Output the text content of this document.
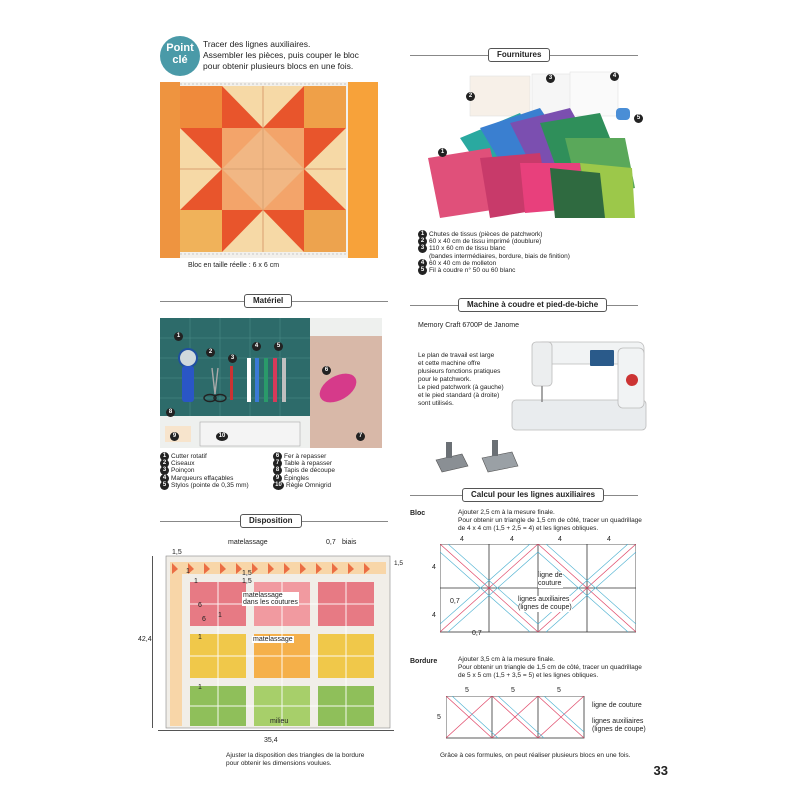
Point
clé
Tracer des lignes auxiliaires.
Assembler les pièces, puis couper le bloc
pour obtenir plusieurs blocs en une fois.
Bloc en taille réelle : 6 x 6 cm
Fournitures
1
2
3	4
5
1 Chutes de tissus (pièces de patchwork)
2 60 x 40 cm de tissu imprimé (doublure)
3 110 x 60 cm de tissu blanc
(bandes intermédiaires, bordure, biais de finition)
4 60 x 40 cm de molleton
5 Fil à coudre n° 50 ou 60 blanc
Matériel
1
2
3
4	5
6
7
8
9	10
1 Cutter rotatif
2 Ciseaux
3 Poinçon
4 Marqueurs effaçables
5 Stylos (pointe de 0,35 mm)
6 Fer à repasser
7 Table à repasser
8 Tapis de découpe
9 Épingles
10 Règle Omnigrid
Machine à coudre et pied-de-biche
Memory Craft 6700P de Janome
Le plan de travail est large
et cette machine offre
plusieurs fonctions pratiques
pour le patchwork.
Le pied patchwork (à gauche)
et le pied standard (à droite)
sont utilisés.
Disposition
matelassage	0,7 biais
1,5
1,5
1,5
1,5
1
1
1
1
1
6
6
matelassage
dans les coutures
matelassage
milieu
42,4
35,4
Ajuster la disposition des triangles de la bordure
pour obtenir les dimensions voulues.
Calcul pour les lignes auxiliaires
Bloc	Ajouter 2,5 cm à la mesure finale.
Pour obtenir un triangle de 1,5 cm de côté, tracer un quadrillage
de 4 x 4 cm (1,5 + 2,5 = 4) et les lignes obliques.
4	4	4	4
4
4
0,7
0,7
ligne de
couture
lignes auxiliaires
(lignes de coupe)
Bordure	Ajouter 3,5 cm à la mesure finale.
Pour obtenir un triangle de 1,5 cm de côté, tracer un quadrillage
de 5 x 5 cm (1,5 + 3,5 = 5) et les lignes obliques.
5	5	5
5
ligne de couture
lignes auxiliaires
(lignes de coupe)
Grâce à ces formules, on peut réaliser plusieurs blocs en une fois.
33
